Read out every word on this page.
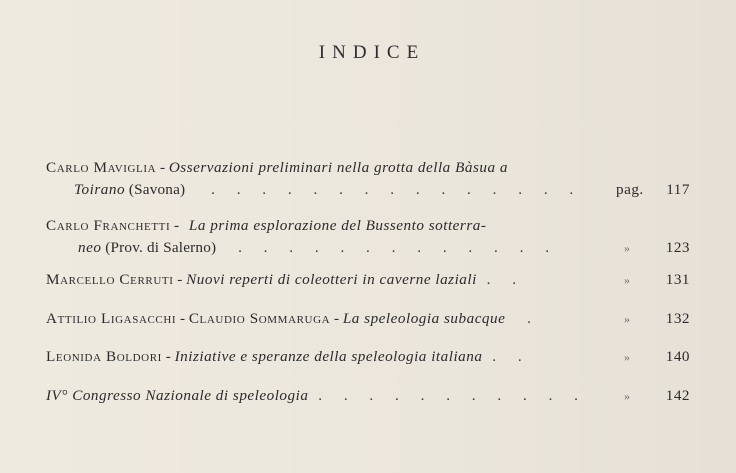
INDICE
Carlo Maviglia - Osservazioni preliminari nella grotta della Bàsua a
Toirano (Savona) . . . . . . . . . . . . . . . pag. 117
Carlo Franchetti - La prima esplorazione del Bussento sotterra-
neo (Prov. di Salerno) . . . . . . . . . . . . .	» 123
Marcello Cerruti - Nuovi reperti di coleotteri in caverne laziali . .	» 131
Attilio Ligasacchi - Claudio Sommaruga - La speleologia subacque .	» 132
Leonida Boldori - Iniziative e speranze della speleologia italiana . .	» 140
IV° Congresso Nazionale di speleologia . . . . . . . . . . .	» 142
